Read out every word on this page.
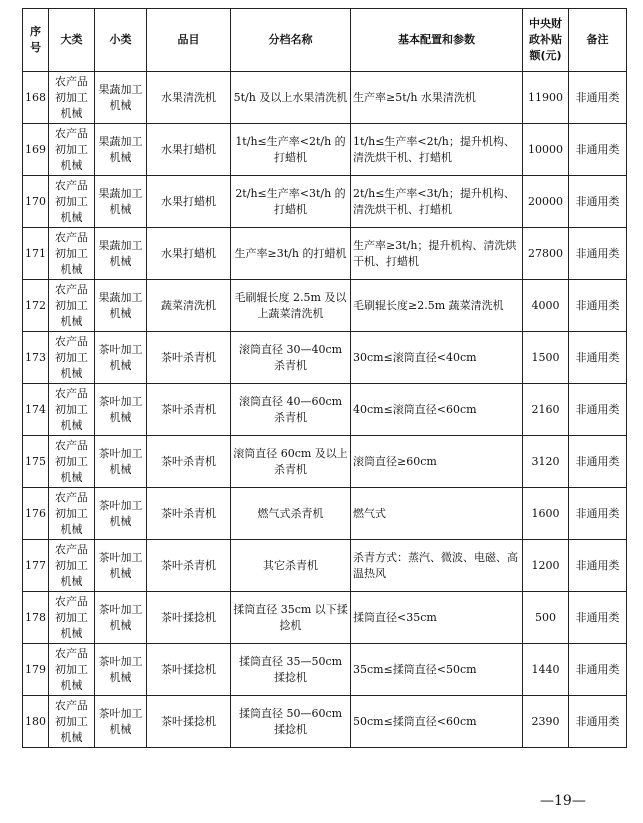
序号	大类	小类	品目	分档名称	基本配置和参数	中央财政补贴额(元)	备注

168	农产品初加工机械	果蔬加工机械	水果清洗机	5t/h 及以上水果清洗机	生产率≥5t/h 水果清洗机	11900	非通用类

169	农产品初加工机械	果蔬加工机械	水果打蜡机	1t/h≤生产率<2t/h 的打蜡机	1t/h≤生产率<2t/h；提升机构、清洗烘干机、打蜡机	10000	非通用类

170	农产品初加工机械	果蔬加工机械	水果打蜡机	2t/h≤生产率<3t/h 的打蜡机	2t/h≤生产率<3t/h；提升机构、清洗烘干机、打蜡机	20000	非通用类

171	农产品初加工机械	果蔬加工机械	水果打蜡机	生产率≥3t/h 的打蜡机	生产率≥3t/h；提升机构、清洗烘干机、打蜡机	27800	非通用类

172	农产品初加工机械	果蔬加工机械	蔬菜清洗机	毛刷辊长度 2.5m 及以上蔬菜清洗机	毛刷辊长度≥2.5m 蔬菜清洗机	4000	非通用类

173	农产品初加工机械	茶叶加工机械	茶叶杀青机	滚筒直径 30—40cm 杀青机	30cm≤滚筒直径<40cm	1500	非通用类

174	农产品初加工机械	茶叶加工机械	茶叶杀青机	滚筒直径 40—60cm 杀青机	40cm≤滚筒直径<60cm	2160	非通用类

175	农产品初加工机械	茶叶加工机械	茶叶杀青机	滚筒直径 60cm 及以上杀青机	滚筒直径≥60cm	3120	非通用类

176	农产品初加工机械	茶叶加工机械	茶叶杀青机	燃气式杀青机	燃气式	1600	非通用类

177	农产品初加工机械	茶叶加工机械	茶叶杀青机	其它杀青机	杀青方式：蒸汽、微波、电磁、高温热风	1200	非通用类

178	农产品初加工机械	茶叶加工机械	茶叶揉捻机	揉筒直径 35cm 以下揉捻机	揉筒直径<35cm	500	非通用类

179	农产品初加工机械	茶叶加工机械	茶叶揉捻机	揉筒直径 35—50cm 揉捻机	35cm≤揉筒直径<50cm	1440	非通用类

180	农产品初加工机械	茶叶加工机械	茶叶揉捻机	揉筒直径 50—60cm 揉捻机	50cm≤揉筒直径<60cm	2390	非通用类
—19—
